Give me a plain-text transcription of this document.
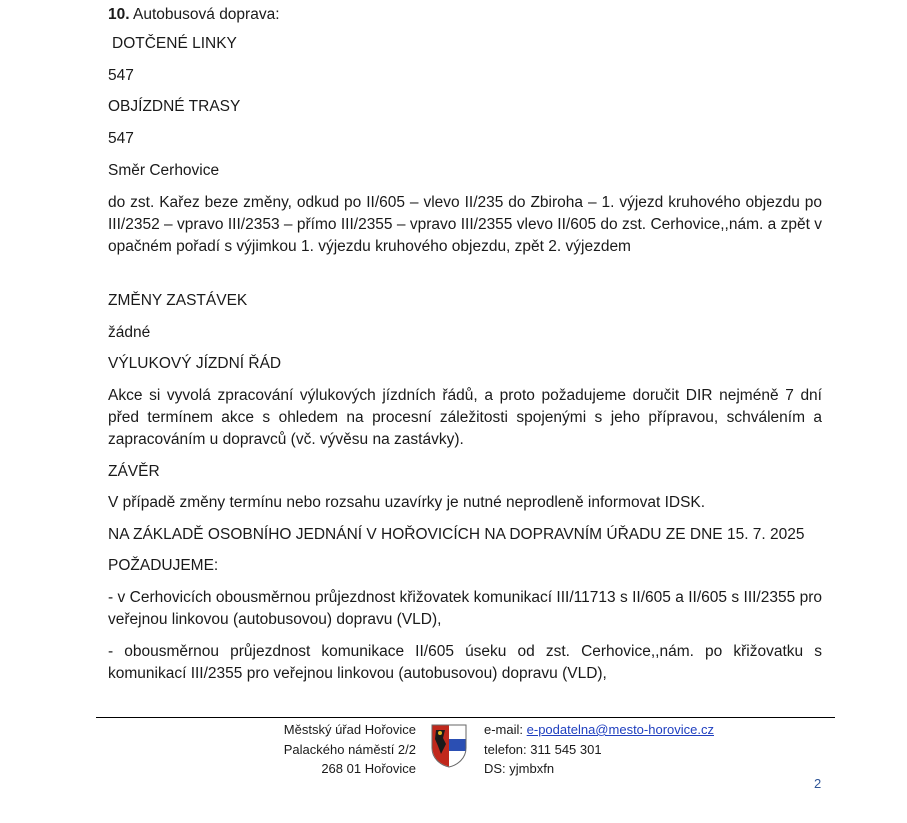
10. Autobusová doprava:

DOTČENÉ LINKY

547

OBJÍZDNÉ TRASY

547

Směr Cerhovice

do zst. Kařez beze změny, odkud po II/605 – vlevo II/235 do Zbiroha – 1. výjezd kruhového objezdu po III/2352 – vpravo III/2353 – přímo III/2355 – vpravo III/2355 vlevo II/605 do zst. Cerhovice,,nám. a zpět v opačném pořadí s výjimkou 1. výjezdu kruhového objezdu, zpět 2. výjezdem

ZMĚNY ZASTÁVEK

žádné

VÝLUKOVÝ JÍZDNÍ ŘÁD

Akce si vyvolá zpracování výlukových jízdních řádů, a proto požadujeme doručit DIR nejméně 7 dní před termínem akce s ohledem na procesní záležitosti spojenými s jeho přípravou, schválením a zapracováním u dopravců (vč. vývěsu na zastávky).

ZÁVĚR

V případě změny termínu nebo rozsahu uzavírky je nutné neprodleně informovat IDSK.

NA ZÁKLADĚ OSOBNÍHO JEDNÁNÍ V HOŘOVICÍCH NA DOPRAVNÍM ÚŘADU ZE DNE 15. 7. 2025

POŽADUJEME:

- v Cerhovicích obousměrnou průjezdnost křižovatek komunikací III/11713 s II/605 a II/605 s III/2355 pro veřejnou linkovou (autobusovou) dopravu (VLD),

- obousměrnou průjezdnost komunikace II/605 úseku od zst. Cerhovice,,nám. po křižovatku s komunikací III/2355 pro veřejnou linkovou (autobusovou) dopravu (VLD),

Městský úřad Hořovice
Palackého náměstí 2/2
268 01 Hořovice
e-mail: e-podatelna@mesto-horovice.cz
telefon: 311 545 301
DS: yjmbxfn
2
